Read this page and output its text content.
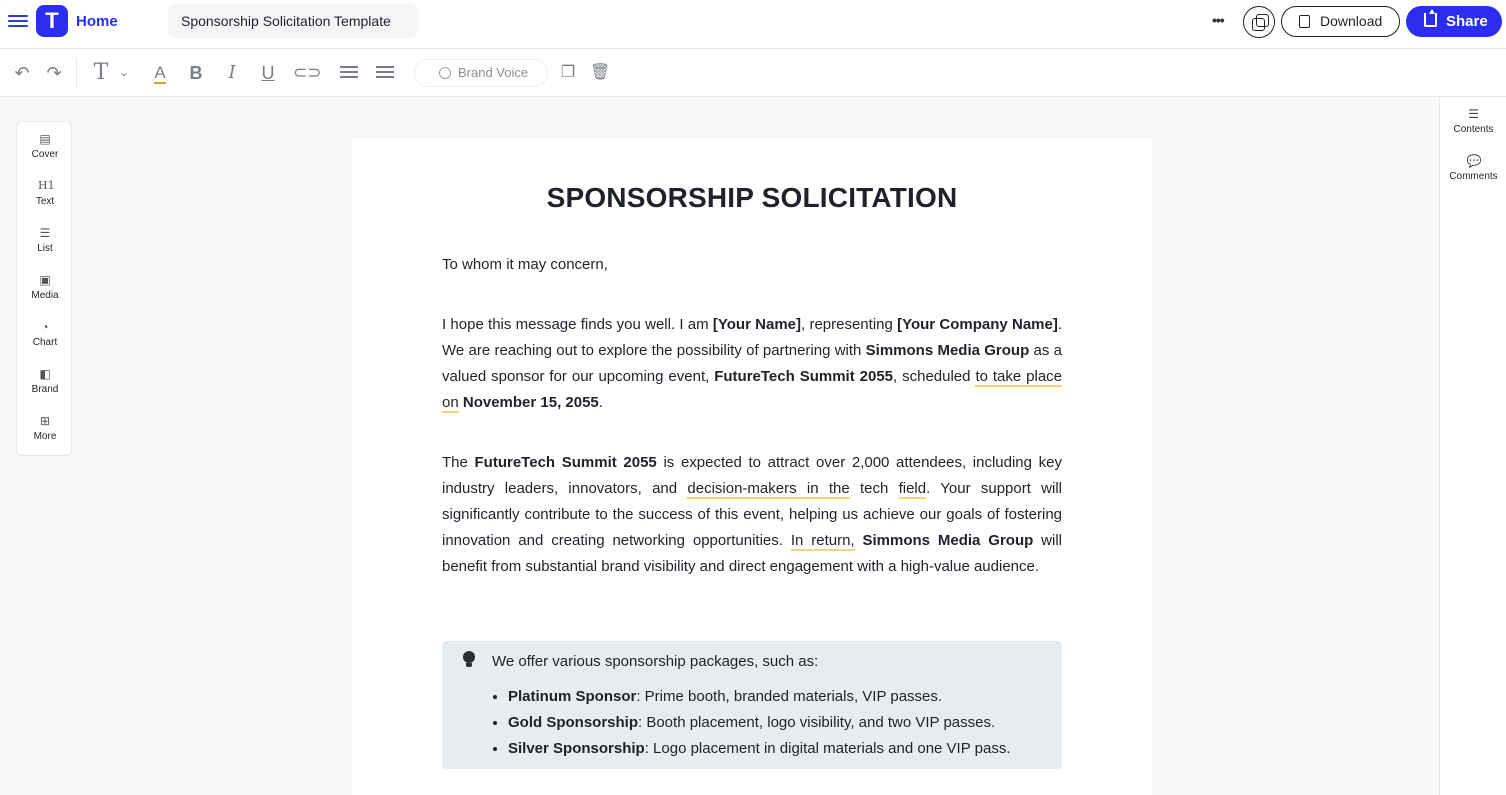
T	Home	Sponsorship Solicitation Template	•••	Download	Share
↶ ↷ T	⌄ A B	I	U ⊂⊃	Brand Voice	❐ 🗑
▤
Cover
H1
Text
☰
List
▣
Media
◔
Chart
◧
Brand
⊞
More
☰
Contents
💬
Comments
SPONSORSHIP SOLICITATION
To whom it may concern,
I hope this message finds you well. I am [Your Name], representing [Your Company Name]. We are reaching out to explore the possibility of partnering with Simmons Media Group as a valued sponsor for our upcoming event, FutureTech Summit 2055, scheduled to take place on November 15, 2055.
The FutureTech Summit 2055 is expected to attract over 2,000 attendees, including key industry leaders, innovators, and decision-makers in the tech field. Your support will significantly contribute to the success of this event, helping us achieve our goals of fostering innovation and creating networking opportunities. In return, Simmons Media Group will benefit from substantial brand visibility and direct engagement with a high-value audience.
We offer various sponsorship packages, such as:
• Platinum Sponsor: Prime booth, branded materials, VIP passes.
• Gold Sponsorship: Booth placement, logo visibility, and two VIP passes.
• Silver Sponsorship: Logo placement in digital materials and one VIP pass.
